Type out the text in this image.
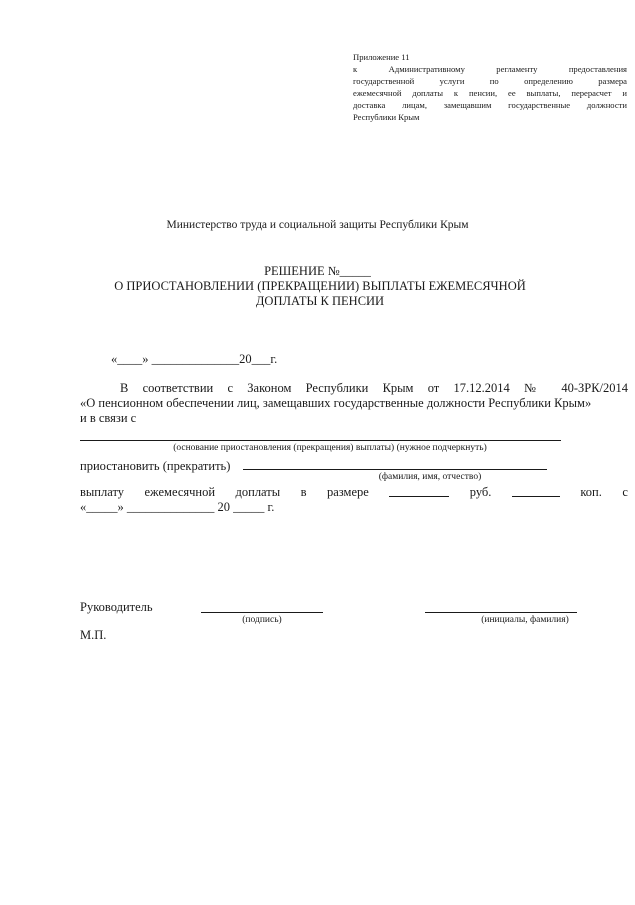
Приложение 11
к Административному регламенту предоставления
государственной услуги по определению размера
ежемесячной доплаты к пенсии, ее выплаты, перерасчет и
доставка лицам, замещавшим государственные должности
Республики Крым
Министерство труда и социальной защиты Республики Крым
РЕШЕНИЕ №_____
О ПРИОСТАНОВЛЕНИИ (ПРЕКРАЩЕНИИ) ВЫПЛАТЫ ЕЖЕМЕСЯЧНОЙ ДОПЛАТЫ К ПЕНСИИ
«____» ______________20___г.
В соответствии с Законом Республики Крым от 17.12.2014 № 40-ЗРК/2014
«О пенсионном обеспечении лиц, замещавших государственные должности Республики Крым»
и в связи с
(основание приостановления (прекращения) выплаты) (нужное подчеркнуть)
приостановить (прекратить)
(фамилия, имя, отчество)
выплату ежемесячной доплаты в размере	руб.	коп. с
«_____» ______________ 20 _____ г.
Руководитель
(подпись)	(инициалы, фамилия)
М.П.
